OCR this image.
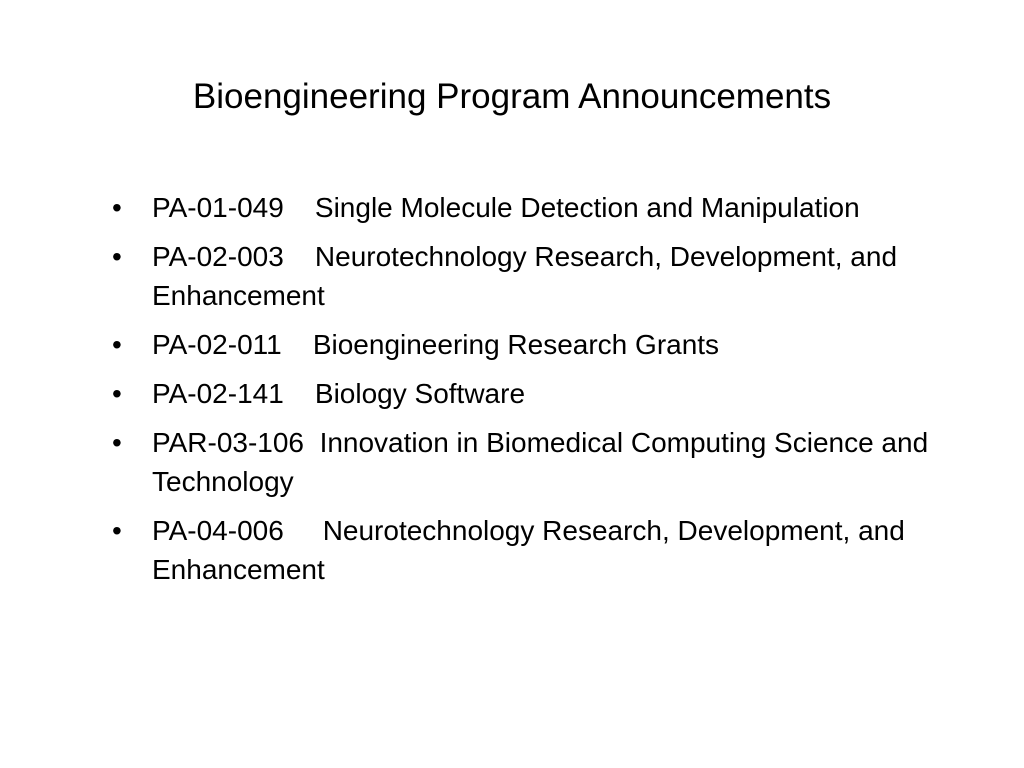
Bioengineering Program Announcements
•	PA-01-049    Single Molecule Detection and Manipulation
•	PA-02-003    Neurotechnology Research, Development, and Enhancement
•	PA-02-011    Bioengineering Research Grants
•	PA-02-141    Biology Software
•	PAR-03-106  Innovation in Biomedical Computing Science and Technology
•	PA-04-006     Neurotechnology Research, Development, and Enhancement
